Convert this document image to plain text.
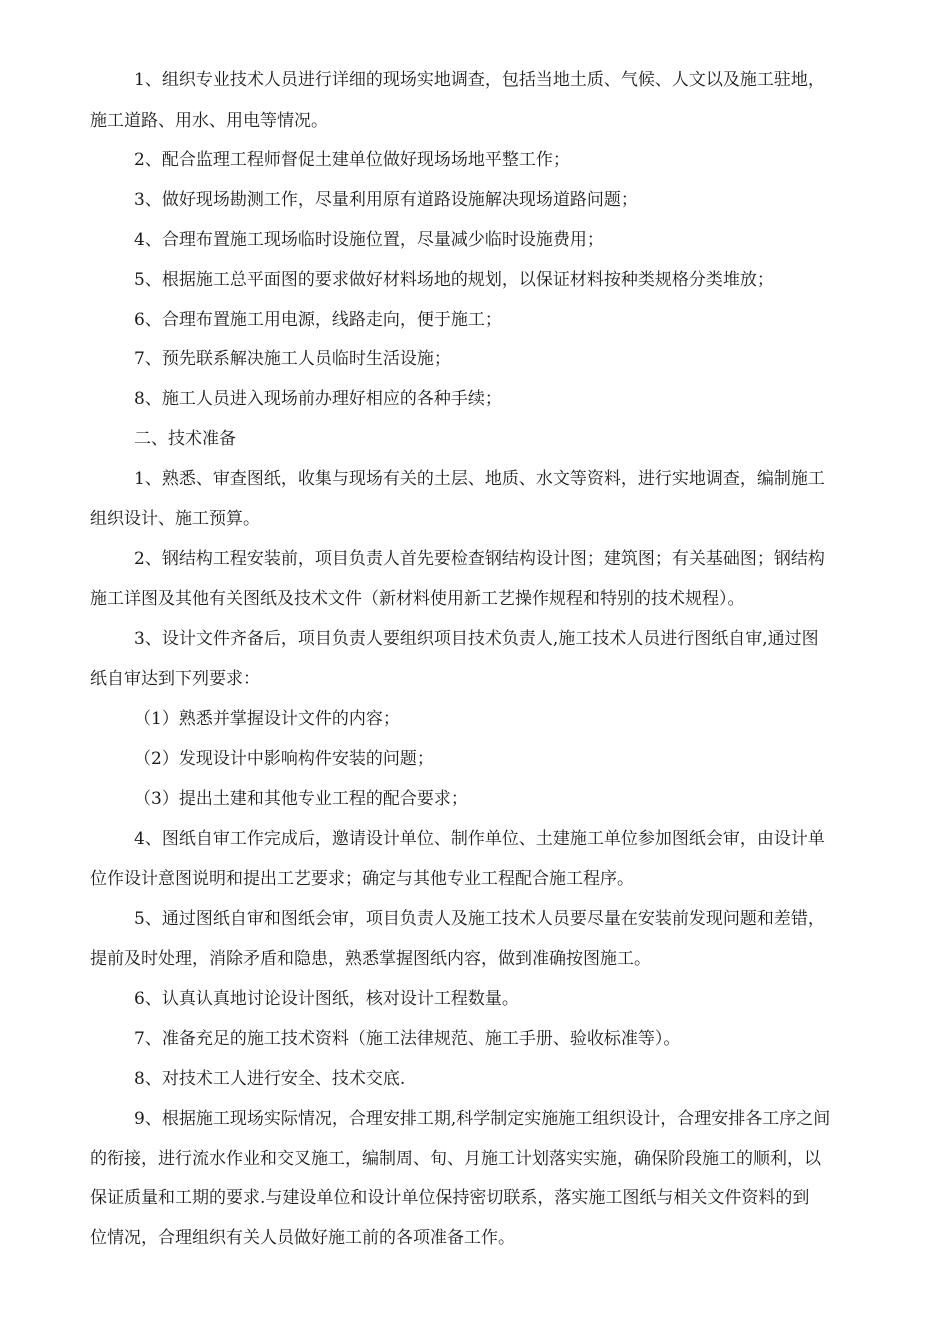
1、组织专业技术人员进行详细的现场实地调查，包括当地土质、气候、人文以及施工驻地，
施工道路、用水、用电等情况。
2、配合监理工程师督促土建单位做好现场场地平整工作；
3、做好现场勘测工作，尽量利用原有道路设施解决现场道路问题；
4、合理布置施工现场临时设施位置，尽量减少临时设施费用；
5、根据施工总平面图的要求做好材料场地的规划，以保证材料按种类规格分类堆放；
6、合理布置施工用电源，线路走向，便于施工；
7、预先联系解决施工人员临时生活设施；
8、施工人员进入现场前办理好相应的各种手续；
二、技术准备
1、熟悉、审查图纸，收集与现场有关的土层、地质、水文等资料，进行实地调查，编制施工
组织设计、施工预算。
2、钢结构工程安装前，项目负责人首先要检查钢结构设计图；建筑图；有关基础图；钢结构
施工详图及其他有关图纸及技术文件（新材料使用新工艺操作规程和特别的技术规程）。
3、设计文件齐备后，项目负责人要组织项目技术负责人,施工技术人员进行图纸自审,通过图
纸自审达到下列要求：
（1）熟悉并掌握设计文件的内容；
（2）发现设计中影响构件安装的问题；
（3）提出土建和其他专业工程的配合要求；
4、图纸自审工作完成后，邀请设计单位、制作单位、土建施工单位参加图纸会审，由设计单
位作设计意图说明和提出工艺要求；确定与其他专业工程配合施工程序。
5、通过图纸自审和图纸会审，项目负责人及施工技术人员要尽量在安装前发现问题和差错，
提前及时处理，消除矛盾和隐患，熟悉掌握图纸内容，做到准确按图施工。
6、认真认真地讨论设计图纸，核对设计工程数量。
7、准备充足的施工技术资料（施工法律规范、施工手册、验收标准等）。
8、对技术工人进行安全、技术交底.
9、根据施工现场实际情况，合理安排工期,科学制定实施施工组织设计，合理安排各工序之间
的衔接，进行流水作业和交叉施工，编制周、旬、月施工计划落实实施，确保阶段施工的顺利，以
保证质量和工期的要求.与建设单位和设计单位保持密切联系，落实施工图纸与相关文件资料的到
位情况，合理组织有关人员做好施工前的各项准备工作。
